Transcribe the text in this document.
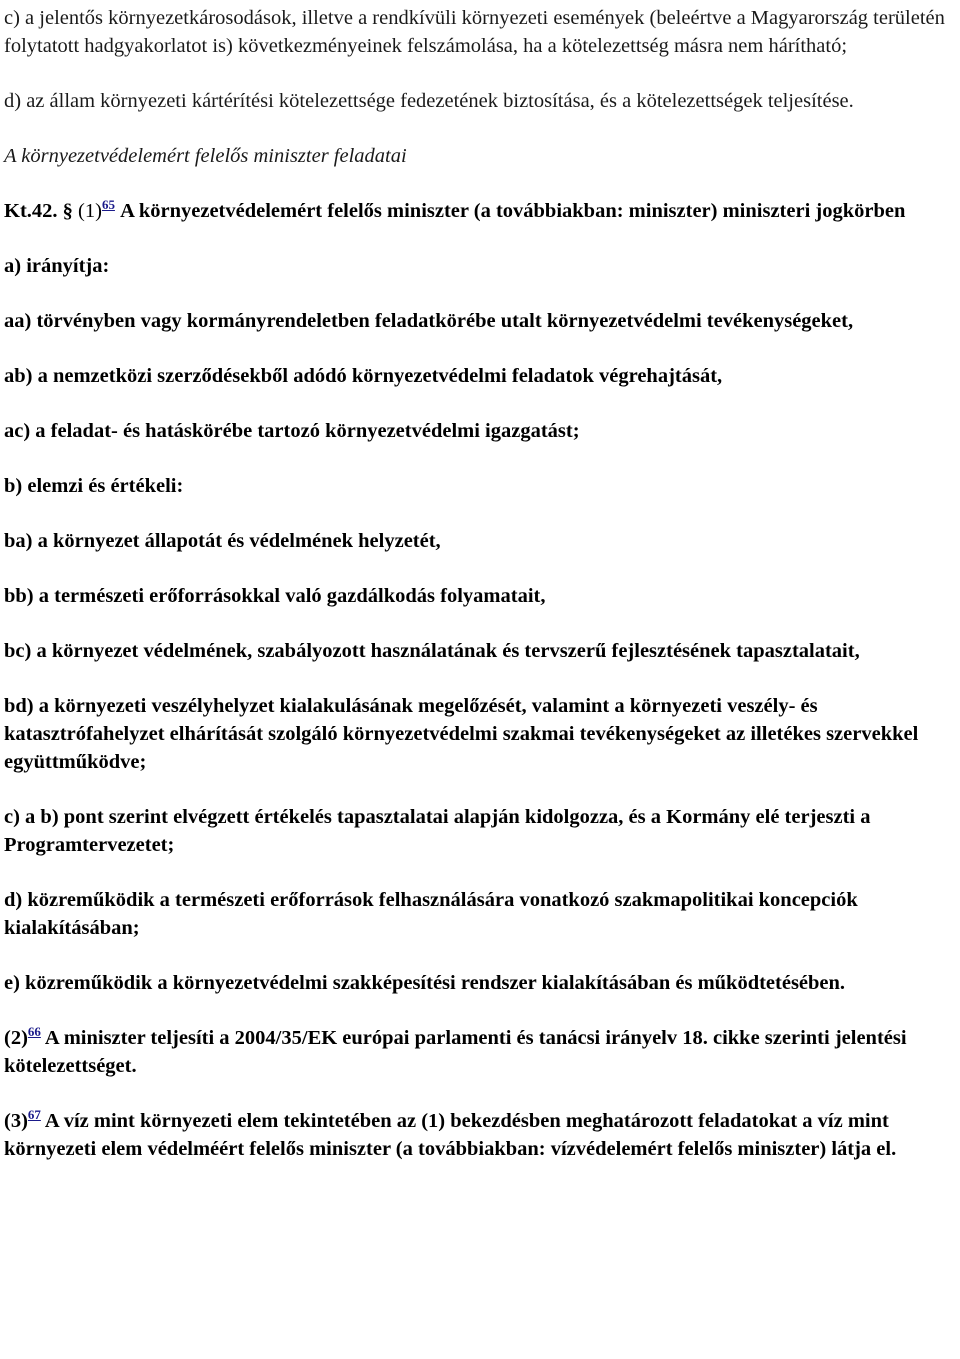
c) a jelentős környezetkárosodások, illetve a rendkívüli környezeti események (beleértve a Magyarország területén folytatott hadgyakorlatot is) következményeinek felszámolása, ha a kötelezettség másra nem hárítható;

d) az állam környezeti kártérítési kötelezettsége fedezetének biztosítása, és a kötelezettségek teljesítése.

A környezetvédelemért felelős miniszter feladatai

Kt.42. § (1)$^{65}$ A környezetvédelemért felelős miniszter (a továbbiakban: miniszter) miniszteri jogkörben

a) irányítja:

aa) törvényben vagy kormányrendeletben feladatkörébe utalt környezetvédelmi tevékenységeket,

ab) a nemzetközi szerződésekből adódó környezetvédelmi feladatok végrehajtását,

ac) a feladat- és hatáskörébe tartozó környezetvédelmi igazgatást;

b) elemzi és értékeli:

ba) a környezet állapotát és védelmének helyzetét,

bb) a természeti erőforrásokkal való gazdálkodás folyamatait,

bc) a környezet védelmének, szabályozott használatának és tervszerű fejlesztésének tapasztalatait,

bd) a környezeti veszélyhelyzet kialakulásának megelőzését, valamint a környezeti veszély- és katasztrófahelyzet elhárítását szolgáló környezetvédelmi szakmai tevékenységeket az illetékes szervekkel együttműködve;

c) a b) pont szerint elvégzett értékelés tapasztalatai alapján kidolgozza, és a Kormány elé terjeszti a Programtervezetet;

d) közreműködik a természeti erőforrások felhasználására vonatkozó szakmapolitikai koncepciók kialakításában;

e) közreműködik a környezetvédelmi szakképesítési rendszer kialakításában és működtetésében.

(2)$^{66}$ A miniszter teljesíti a 2004/35/EK európai parlamenti és tanácsi irányelv 18. cikke szerinti jelentési kötelezettséget.

(3)$^{67}$ A víz mint környezeti elem tekintetében az (1) bekezdésben meghatározott feladatokat a víz mint környezeti elem védelméért felelős miniszter (a továbbiakban: vízvédelemért felelős miniszter) látja el.
